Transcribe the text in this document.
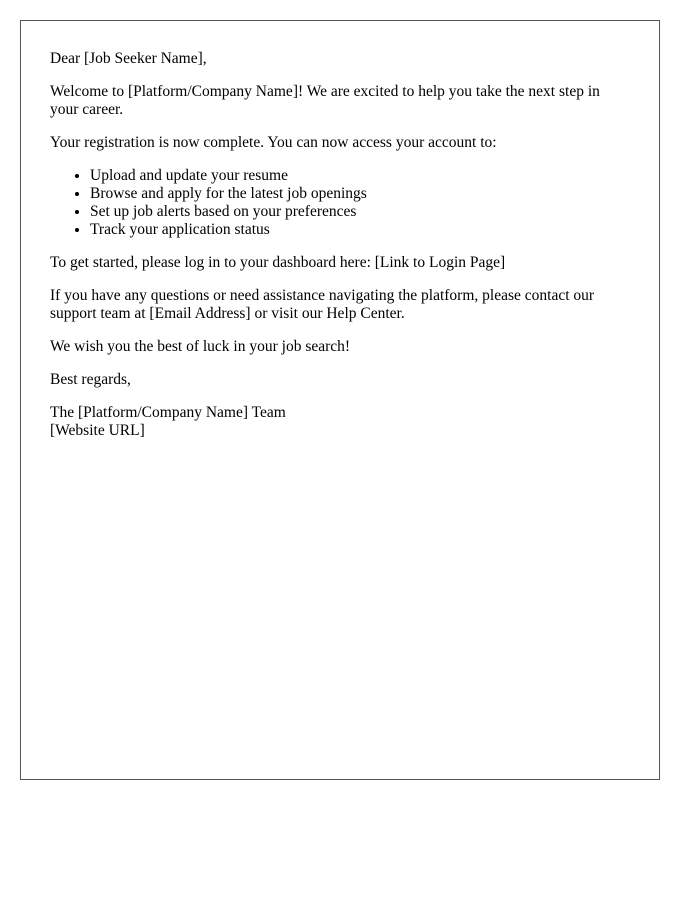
Dear [Job Seeker Name],

Welcome to [Platform/Company Name]! We are excited to help you take the next step in your career.

Your registration is now complete. You can now access your account to:

• Upload and update your resume
• Browse and apply for the latest job openings
• Set up job alerts based on your preferences
• Track your application status

To get started, please log in to your dashboard here: [Link to Login Page]

If you have any questions or need assistance navigating the platform, please contact our support team at [Email Address] or visit our Help Center.

We wish you the best of luck in your job search!

Best regards,

The [Platform/Company Name] Team
[Website URL]
